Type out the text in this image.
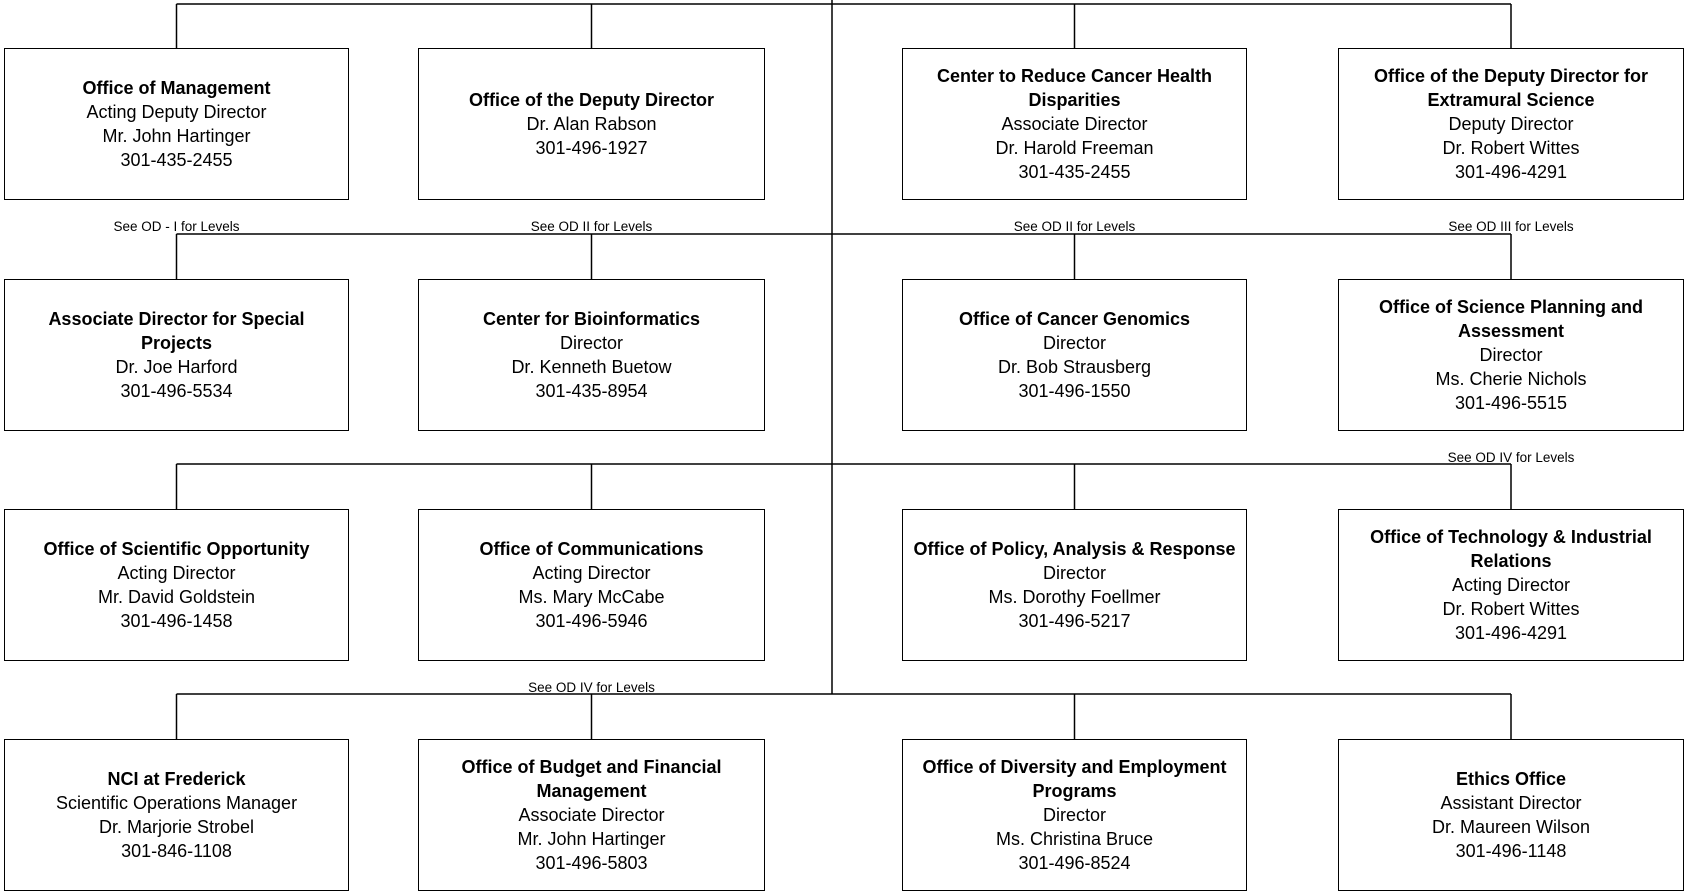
Office of Management
Acting Deputy Director
Mr. John Hartinger
301-435-2455
See OD - I for Levels
Office of the Deputy Director
Dr. Alan Rabson
301-496-1927
See OD II for Levels
Center to Reduce Cancer Health Disparities
Associate Director
Dr. Harold Freeman
301-435-2455
See OD II for Levels
Office of the Deputy Director for Extramural Science
Deputy Director
Dr. Robert Wittes
301-496-4291
See OD III for Levels
Associate Director for Special Projects
Dr. Joe Harford
301-496-5534
Center for Bioinformatics
Director
Dr. Kenneth Buetow
301-435-8954
Office of Cancer Genomics
Director
Dr. Bob Strausberg
301-496-1550
Office of Science Planning and Assessment
Director
Ms. Cherie Nichols
301-496-5515
See OD IV for Levels
Office of Scientific Opportunity
Acting Director
Mr. David Goldstein
301-496-1458
Office of Communications
Acting Director
Ms. Mary McCabe
301-496-5946
See OD IV for Levels
Office of Policy, Analysis & Response
Director
Ms. Dorothy Foellmer
301-496-5217
Office of Technology & Industrial Relations
Acting Director
Dr. Robert Wittes
301-496-4291
NCI at Frederick
Scientific Operations Manager
Dr. Marjorie Strobel
301-846-1108
Office of Budget and Financial Management
Associate Director
Mr. John Hartinger
301-496-5803
Office of Diversity and Employment Programs
Director
Ms. Christina Bruce
301-496-8524
Ethics Office
Assistant Director
Dr. Maureen Wilson
301-496-1148
